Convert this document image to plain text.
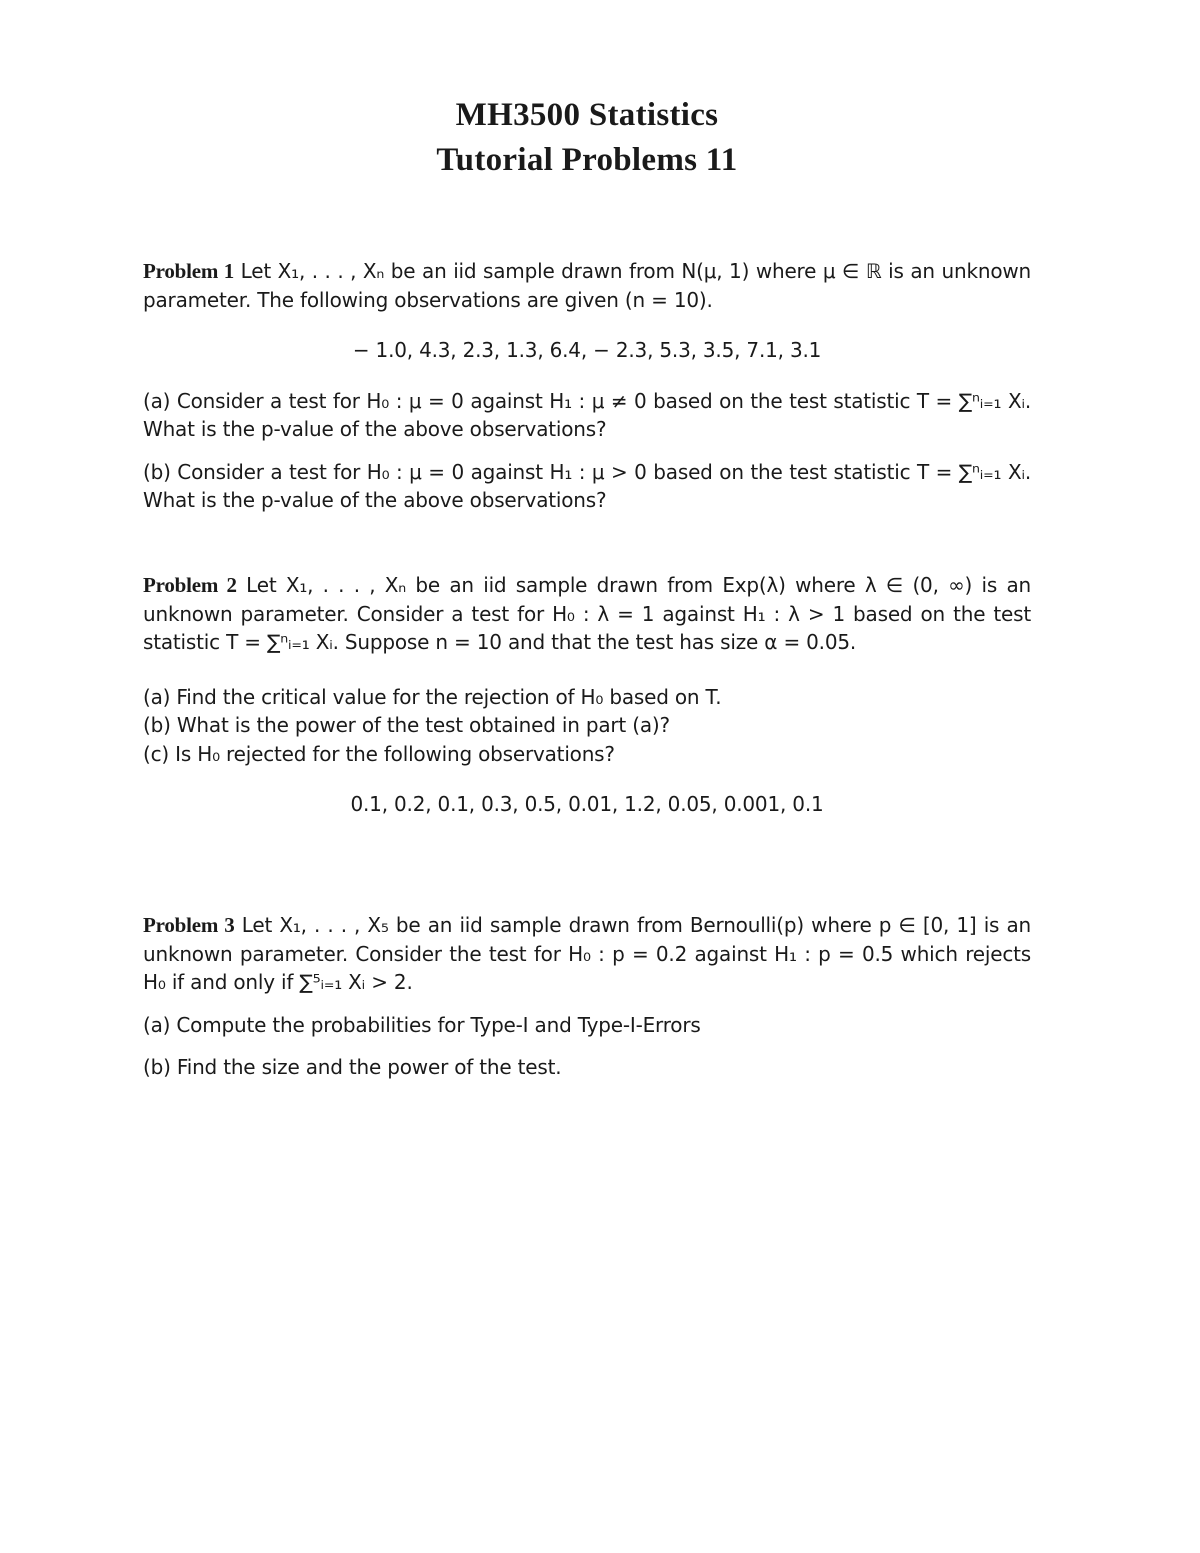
MH3500 Statistics
Tutorial Problems 11

Problem 1 Let X₁, . . . , Xₙ be an iid sample drawn from N(μ, 1) where μ ∈ ℝ is an unknown parameter. The following observations are given (n = 10).

− 1.0, 4.3, 2.3, 1.3, 6.4, − 2.3, 5.3, 3.5, 7.1, 3.1

(a) Consider a test for H₀ : μ = 0 against H₁ : μ ≠ 0 based on the test statistic T = ∑ⁿᵢ₌₁ Xᵢ. What is the p-value of the above observations?

(b) Consider a test for H₀ : μ = 0 against H₁ : μ > 0 based on the test statistic T = ∑ⁿᵢ₌₁ Xᵢ. What is the p-value of the above observations?

Problem 2 Let X₁, . . . , Xₙ be an iid sample drawn from Exp(λ) where λ ∈ (0, ∞) is an unknown parameter. Consider a test for H₀ : λ = 1 against H₁ : λ > 1 based on the test statistic T = ∑ⁿᵢ₌₁ Xᵢ. Suppose n = 10 and that the test has size α = 0.05.

(a) Find the critical value for the rejection of H₀ based on T.

(b) What is the power of the test obtained in part (a)?

(c) Is H₀ rejected for the following observations?

0.1, 0.2, 0.1, 0.3, 0.5, 0.01, 1.2, 0.05, 0.001, 0.1

Problem 3 Let X₁, . . . , X₅ be an iid sample drawn from Bernoulli(p) where p ∈ [0, 1] is an unknown parameter. Consider the test for H₀ : p = 0.2 against H₁ : p = 0.5 which rejects H₀ if and only if ∑⁵ᵢ₌₁ Xᵢ > 2.

(a) Compute the probabilities for Type-I and Type-I-Errors

(b) Find the size and the power of the test.
